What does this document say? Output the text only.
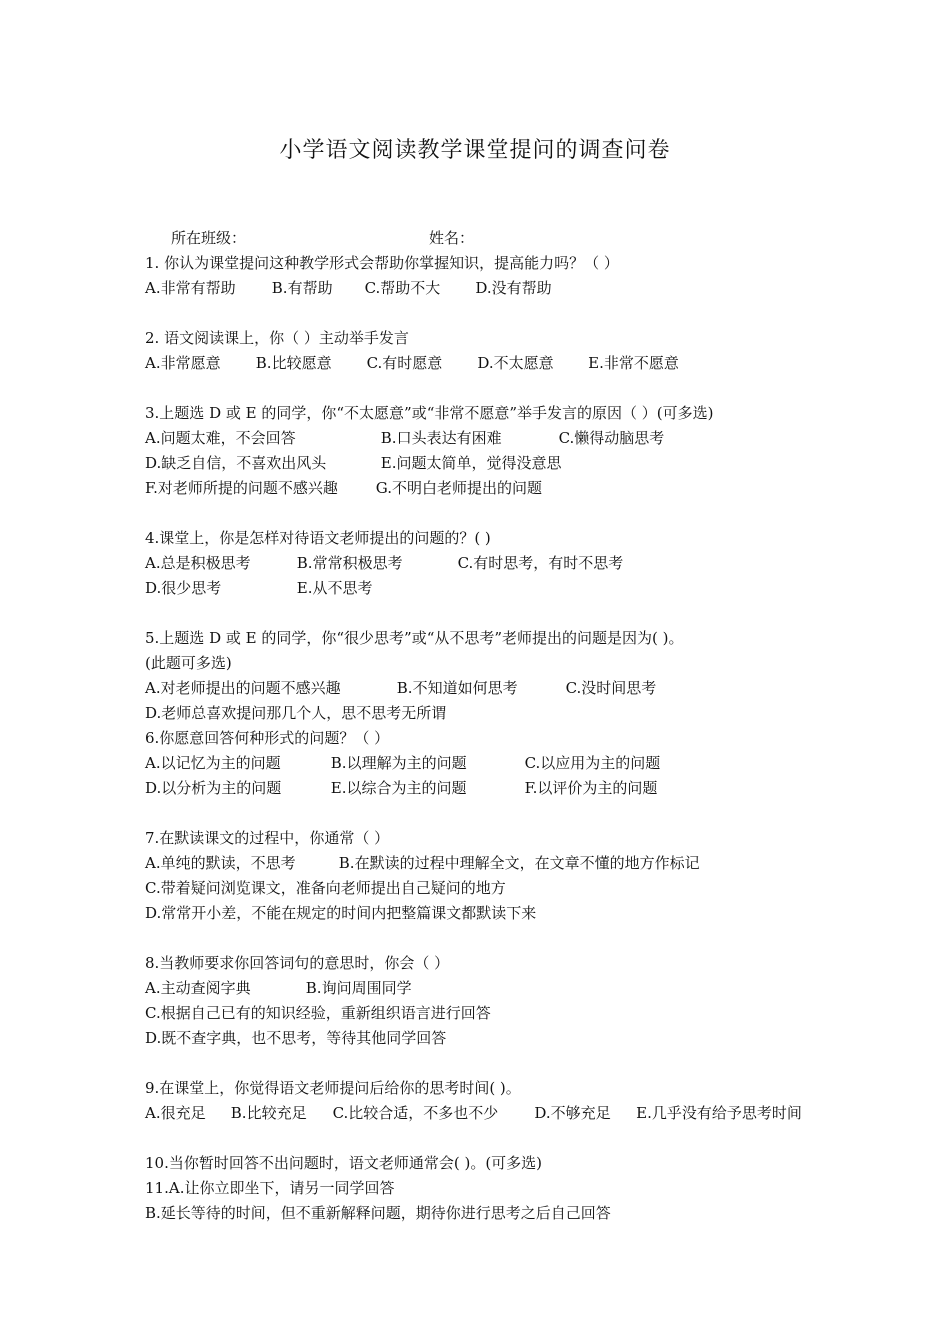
小学语文阅读教学课堂提问的调查问卷
所在班级：	姓名：
1. 你认为课堂提问这种教学形式会帮助你掌握知识，提高能力吗？（ ）
A.非常有帮助 B.有帮助 C.帮助不大 D.没有帮助
2. 语文阅读课上，你（ ）主动举手发言
A.非常愿意 B.比较愿意 C.有时愿意 D.不太愿意 E.非常不愿意
3.上题选 D 或 E 的同学，你“不太愿意”或“非常不愿意”举手发言的原因（ ）(可多选)
A.问题太难，不会回答	B.口头表达有困难	C.懒得动脑思考
D.缺乏自信，不喜欢出风头	E.问题太简单，觉得没意思
F.对老师所提的问题不感兴趣	G.不明白老师提出的问题
4.课堂上，你是怎样对待语文老师提出的问题的？( )
A.总是积极思考	B.常常积极思考	C.有时思考，有时不思考
D.很少思考	E.从不思考
5.上题选 D 或 E 的同学，你“很少思考”或“从不思考”老师提出的问题是因为( )。
(此题可多选)
A.对老师提出的问题不感兴趣	B.不知道如何思考	C.没时间思考
D.老师总喜欢提问那几个人，思不思考无所谓
6.你愿意回答何种形式的问题？（ ）
A.以记忆为主的问题	B.以理解为主的问题	C.以应用为主的问题
D.以分析为主的问题	E.以综合为主的问题	F.以评价为主的问题
7.在默读课文的过程中，你通常（ ）
A.单纯的默读，不思考	B.在默读的过程中理解全文，在文章不懂的地方作标记
C.带着疑问浏览课文，准备向老师提出自己疑问的地方
D.常常开小差，不能在规定的时间内把整篇课文都默读下来
8.当教师要求你回答词句的意思时，你会（ ）
A.主动查阅字典	B.询问周围同学
C.根据自己已有的知识经验，重新组织语言进行回答
D.既不查字典，也不思考，等待其他同学回答
9.在课堂上，你觉得语文老师提问后给你的思考时间( )。
A.很充足 B.比较充足 C.比较合适，不多也不少 D.不够充足 E.几乎没有给予思考时间
10.当你暂时回答不出问题时，语文老师通常会( )。(可多选)
11.A.让你立即坐下，请另一同学回答
B.延长等待的时间，但不重新解释问题，期待你进行思考之后自己回答
